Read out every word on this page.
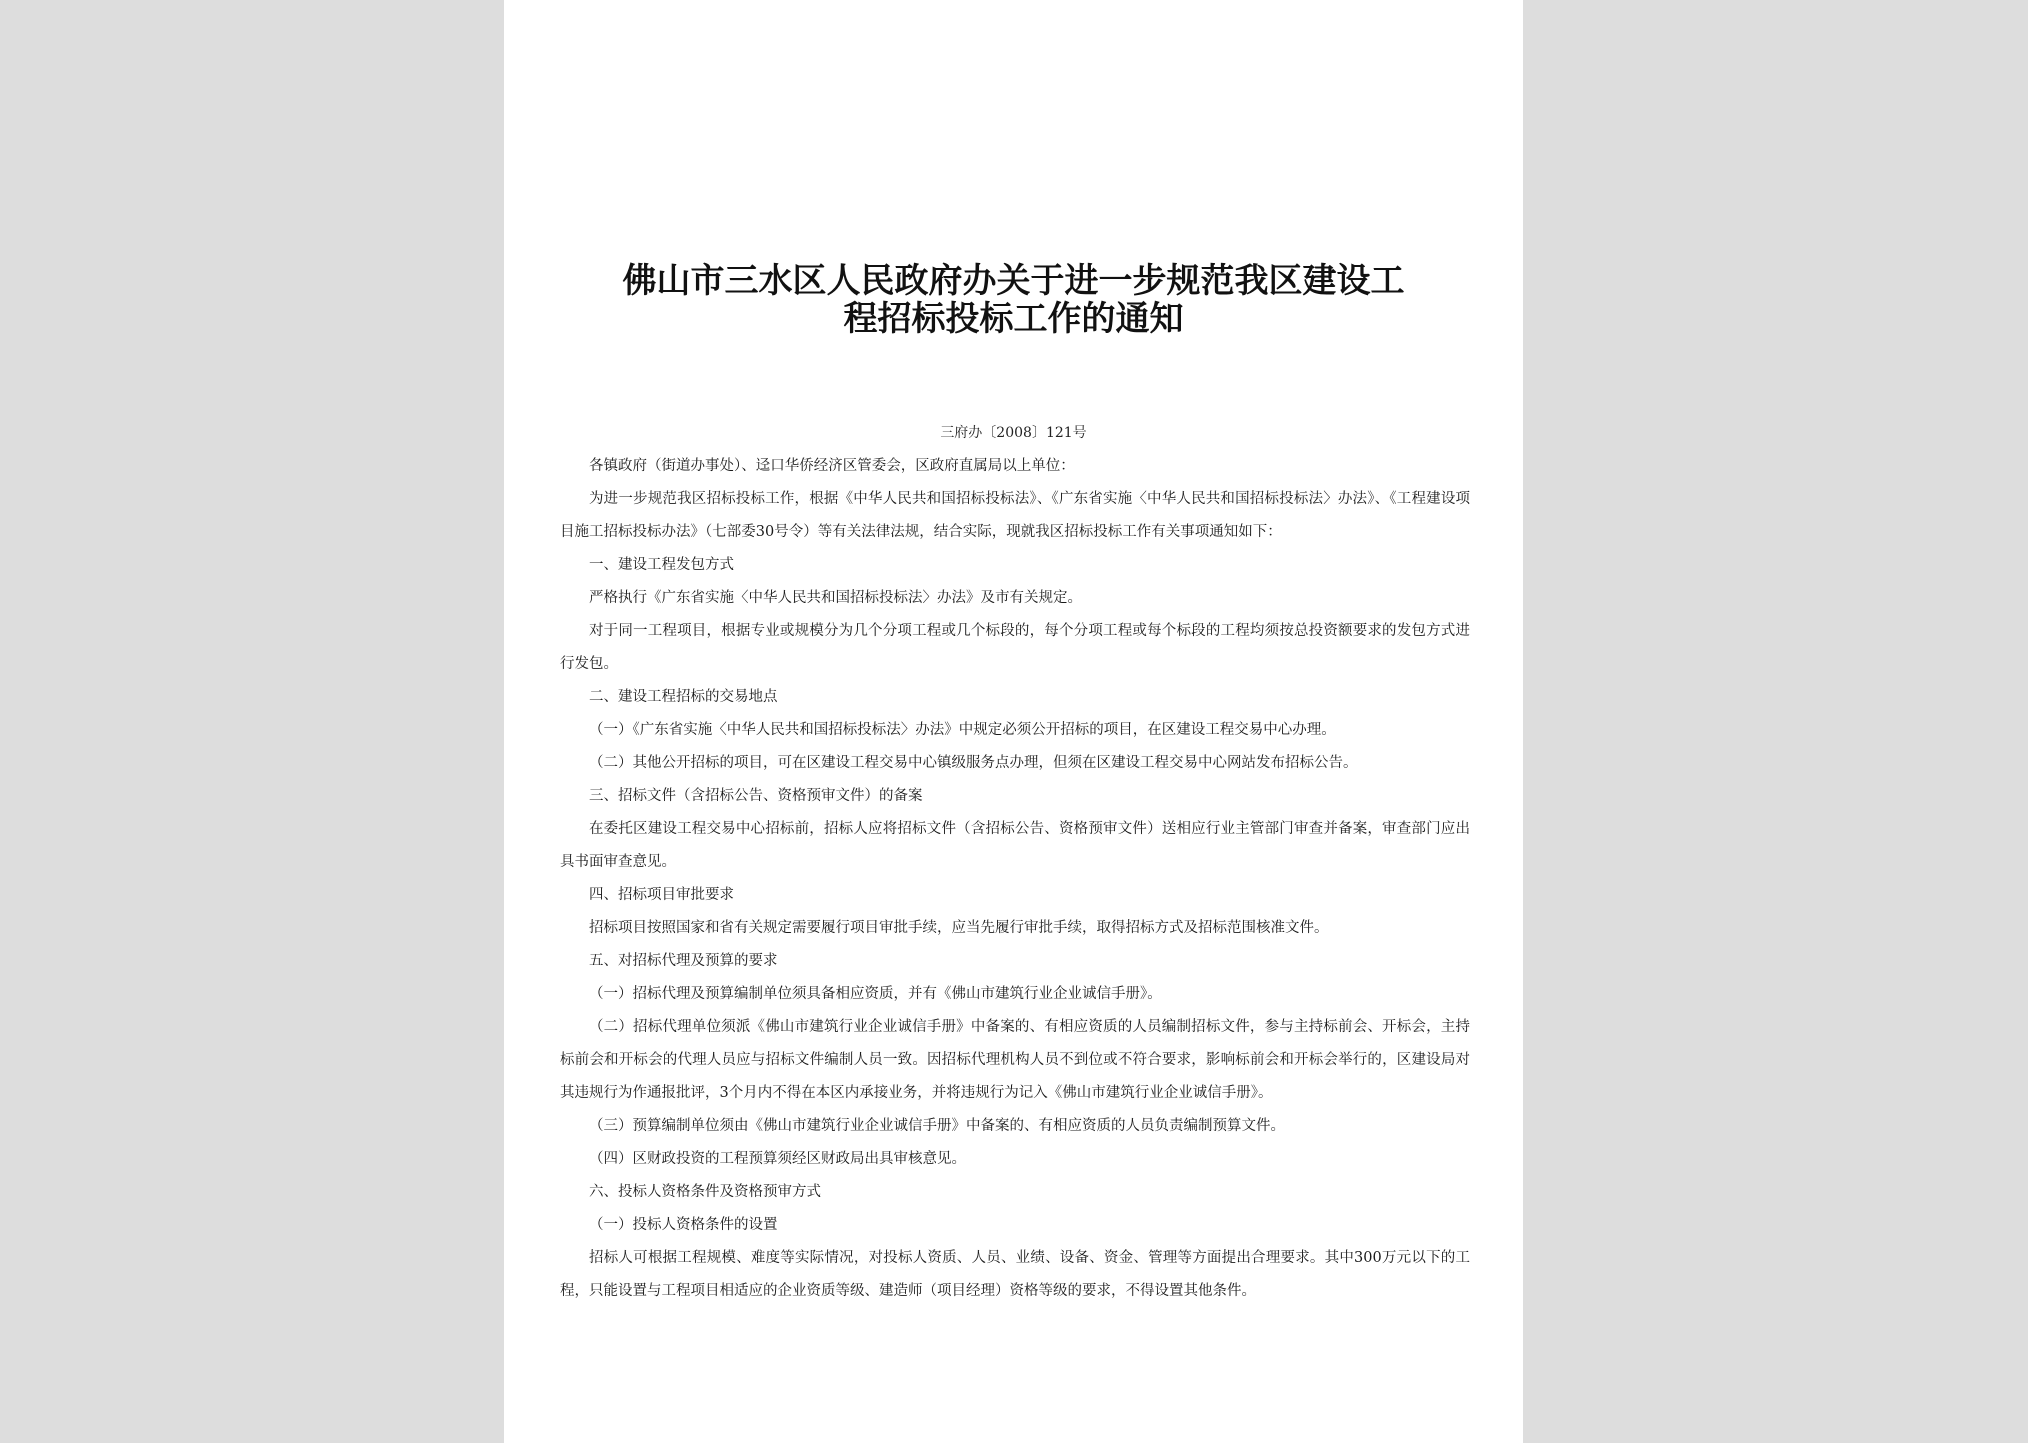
佛山市三水区人民政府办关于进一步规范我区建设工
程招标投标工作的通知
三府办〔2008〕121号

各镇政府（街道办事处）、迳口华侨经济区管委会，区政府直属局以上单位：

为进一步规范我区招标投标工作，根据《中华人民共和国招标投标法》、《广东省实施〈中华人民共和国招标投标法〉办法》、《工程建设项目施工招标投标办法》（七部委30号令）等有关法律法规，结合实际，现就我区招标投标工作有关事项通知如下：

一、建设工程发包方式

严格执行《广东省实施〈中华人民共和国招标投标法〉办法》及市有关规定。

对于同一工程项目，根据专业或规模分为几个分项工程或几个标段的，每个分项工程或每个标段的工程均须按总投资额要求的发包方式进行发包。

二、建设工程招标的交易地点

（一）《广东省实施〈中华人民共和国招标投标法〉办法》中规定必须公开招标的项目，在区建设工程交易中心办理。

（二）其他公开招标的项目，可在区建设工程交易中心镇级服务点办理，但须在区建设工程交易中心网站发布招标公告。

三、招标文件（含招标公告、资格预审文件）的备案

在委托区建设工程交易中心招标前，招标人应将招标文件（含招标公告、资格预审文件）送相应行业主管部门审查并备案，审查部门应出具书面审查意见。

四、招标项目审批要求

招标项目按照国家和省有关规定需要履行项目审批手续，应当先履行审批手续，取得招标方式及招标范围核准文件。

五、对招标代理及预算的要求

（一）招标代理及预算编制单位须具备相应资质，并有《佛山市建筑行业企业诚信手册》。

（二）招标代理单位须派《佛山市建筑行业企业诚信手册》中备案的、有相应资质的人员编制招标文件，参与主持标前会、开标会，主持标前会和开标会的代理人员应与招标文件编制人员一致。因招标代理机构人员不到位或不符合要求，影响标前会和开标会举行的，区建设局对其违规行为作通报批评，3个月内不得在本区内承接业务，并将违规行为记入《佛山市建筑行业企业诚信手册》。

（三）预算编制单位须由《佛山市建筑行业企业诚信手册》中备案的、有相应资质的人员负责编制预算文件。

（四）区财政投资的工程预算须经区财政局出具审核意见。

六、投标人资格条件及资格预审方式

（一）投标人资格条件的设置

招标人可根据工程规模、难度等实际情况，对投标人资质、人员、业绩、设备、资金、管理等方面提出合理要求。其中300万元以下的工程，只能设置与工程项目相适应的企业资质等级、建造师（项目经理）资格等级的要求，不得设置其他条件。
